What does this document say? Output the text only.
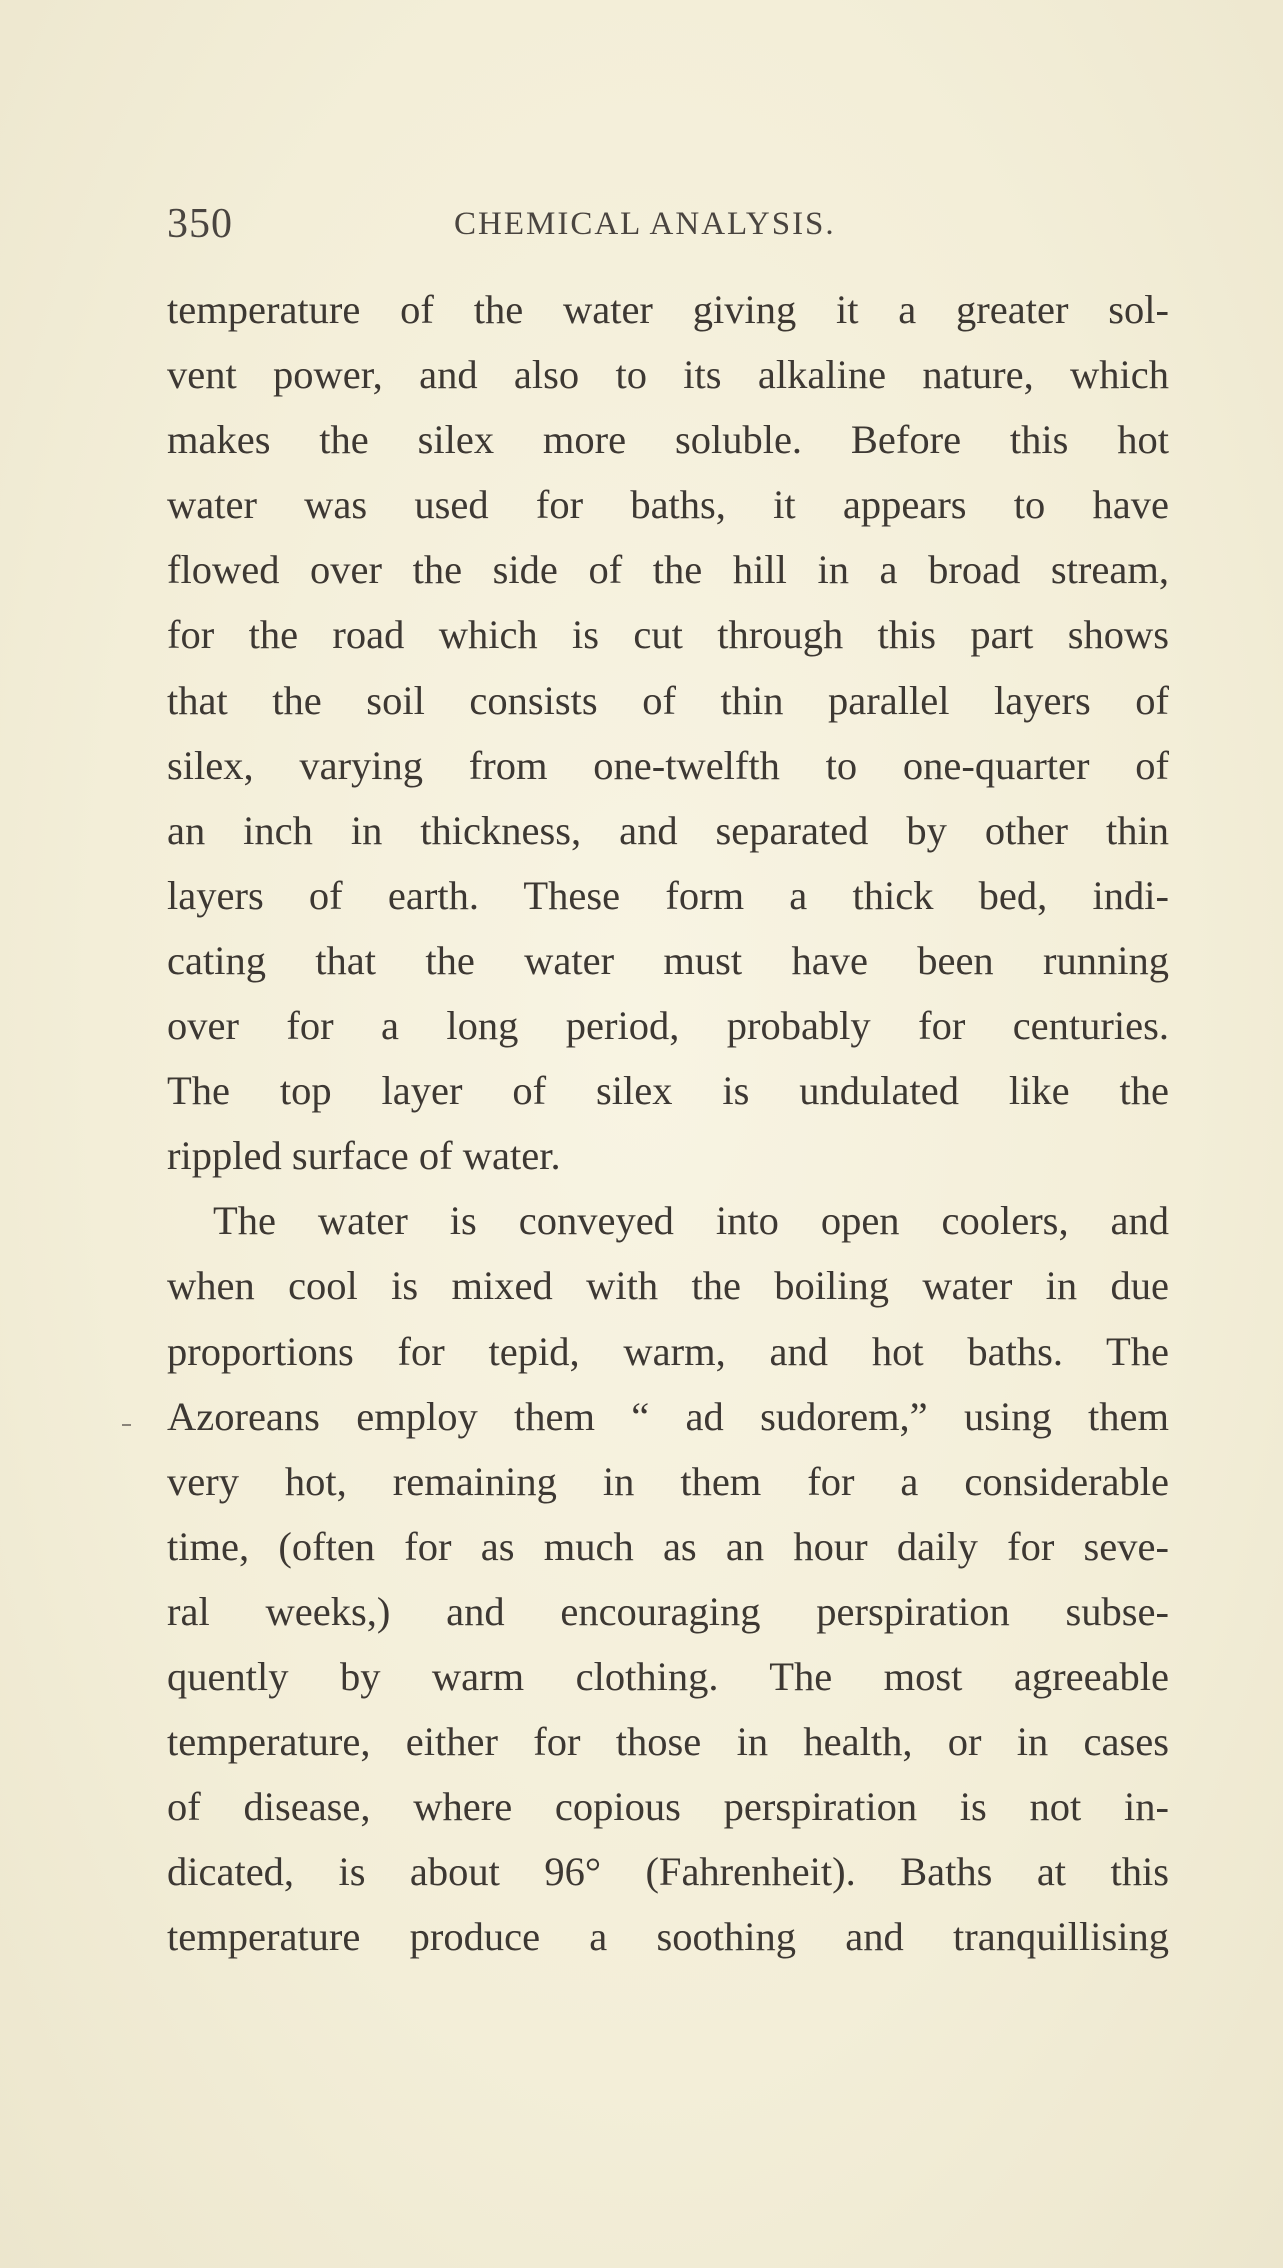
350	CHEMICAL ANALYSIS.
temperature of the water giving it a greater sol-
vent power, and also to its alkaline nature, which
makes the silex more soluble. Before this hot
water was used for baths, it appears to have
flowed over the side of the hill in a broad stream,
for the road which is cut through this part shows
that the soil consists of thin parallel layers of
silex, varying from one-twelfth to one-quarter of
an inch in thickness, and separated by other thin
layers of earth. These form a thick bed, indi-
cating that the water must have been running
over for a long period, probably for centuries.
The top layer of silex is undulated like the
rippled surface of water.
The water is conveyed into open coolers, and
when cool is mixed with the boiling water in due
proportions for tepid, warm, and hot baths. The
Azoreans employ them “ ad sudorem,” using them
very hot, remaining in them for a considerable
time, (often for as much as an hour daily for seve-
ral weeks,) and encouraging perspiration subse-
quently by warm clothing. The most agreeable
temperature, either for those in health, or in cases
of disease, where copious perspiration is not in-
dicated, is about 96° (Fahrenheit). Baths at this
temperature produce a soothing and tranquillising
